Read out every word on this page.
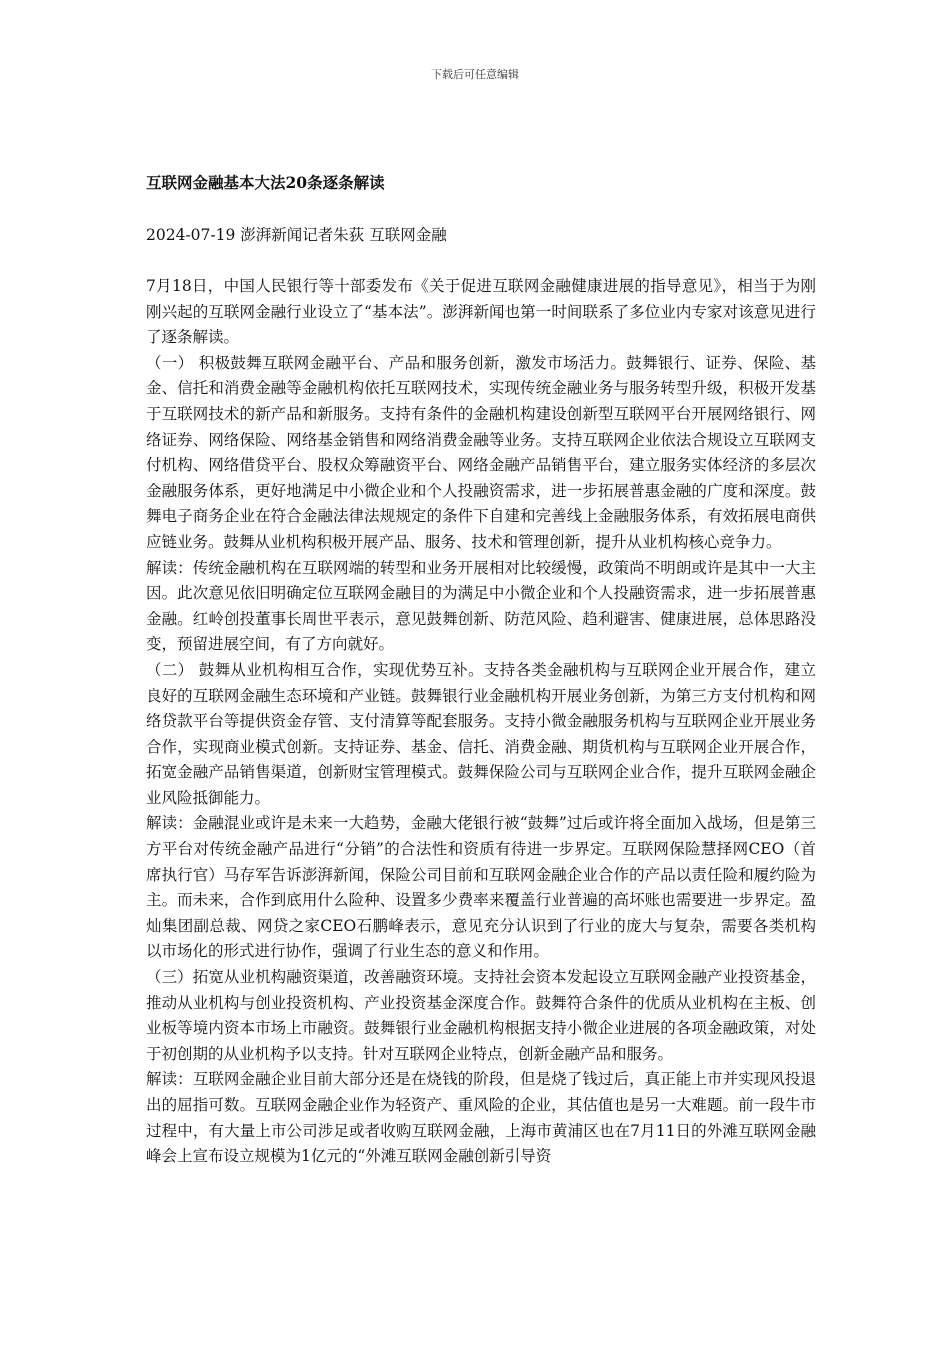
下载后可任意编辑
互联网金融基本大法20条逐条解读

2024-07-19 澎湃新闻记者朱荻 互联网金融

7月18日，中国人民银行等十部委发布《关于促进互联网金融健康进展的指导意见》，相当于为刚刚兴起的互联网金融行业设立了“基本法”。澎湃新闻也第一时间联系了多位业内专家对该意见进行了逐条解读。

（一） 积极鼓舞互联网金融平台、产品和服务创新，激发市场活力。鼓舞银行、证券、保险、基金、信托和消费金融等金融机构依托互联网技术，实现传统金融业务与服务转型升级，积极开发基于互联网技术的新产品和新服务。支持有条件的金融机构建设创新型互联网平台开展网络银行、网络证券、网络保险、网络基金销售和网络消费金融等业务。支持互联网企业依法合规设立互联网支付机构、网络借贷平台、股权众筹融资平台、网络金融产品销售平台，建立服务实体经济的多层次金融服务体系，更好地满足中小微企业和个人投融资需求，进一步拓展普惠金融的广度和深度。鼓舞电子商务企业在符合金融法律法规规定的条件下自建和完善线上金融服务体系，有效拓展电商供应链业务。鼓舞从业机构积极开展产品、服务、技术和管理创新，提升从业机构核心竞争力。

解读：传统金融机构在互联网端的转型和业务开展相对比较缓慢，政策尚不明朗或许是其中一大主因。此次意见依旧明确定位互联网金融目的为满足中小微企业和个人投融资需求，进一步拓展普惠金融。红岭创投董事长周世平表示，意见鼓舞创新、防范风险、趋利避害、健康进展，总体思路没变，预留进展空间，有了方向就好。

（二） 鼓舞从业机构相互合作，实现优势互补。支持各类金融机构与互联网企业开展合作，建立良好的互联网金融生态环境和产业链。鼓舞银行业金融机构开展业务创新，为第三方支付机构和网络贷款平台等提供资金存管、支付清算等配套服务。支持小微金融服务机构与互联网企业开展业务合作，实现商业模式创新。支持证券、基金、信托、消费金融、期货机构与互联网企业开展合作，拓宽金融产品销售渠道，创新财宝管理模式。鼓舞保险公司与互联网企业合作，提升互联网金融企业风险抵御能力。

解读：金融混业或许是未来一大趋势，金融大佬银行被“鼓舞”过后或许将全面加入战场，但是第三方平台对传统金融产品进行“分销”的合法性和资质有待进一步界定。互联网保险慧择网CEO（首席执行官）马存军告诉澎湃新闻，保险公司目前和互联网金融企业合作的产品以责任险和履约险为主。而未来，合作到底用什么险种、设置多少费率来覆盖行业普遍的高坏账也需要进一步界定。盈灿集团副总裁、网贷之家CEO石鹏峰表示，意见充分认识到了行业的庞大与复杂，需要各类机构以市场化的形式进行协作，强调了行业生态的意义和作用。

（三）拓宽从业机构融资渠道，改善融资环境。支持社会资本发起设立互联网金融产业投资基金，推动从业机构与创业投资机构、产业投资基金深度合作。鼓舞符合条件的优质从业机构在主板、创业板等境内资本市场上市融资。鼓舞银行业金融机构根据支持小微企业进展的各项金融政策，对处于初创期的从业机构予以支持。针对互联网企业特点，创新金融产品和服务。

解读：互联网金融企业目前大部分还是在烧钱的阶段，但是烧了钱过后，真正能上市并实现风投退出的屈指可数。互联网金融企业作为轻资产、重风险的企业，其估值也是另一大难题。前一段牛市过程中，有大量上市公司涉足或者收购互联网金融，上海市黄浦区也在7月11日的外滩互联网金融峰会上宣布设立规模为1亿元的“外滩互联网金融创新引导资
